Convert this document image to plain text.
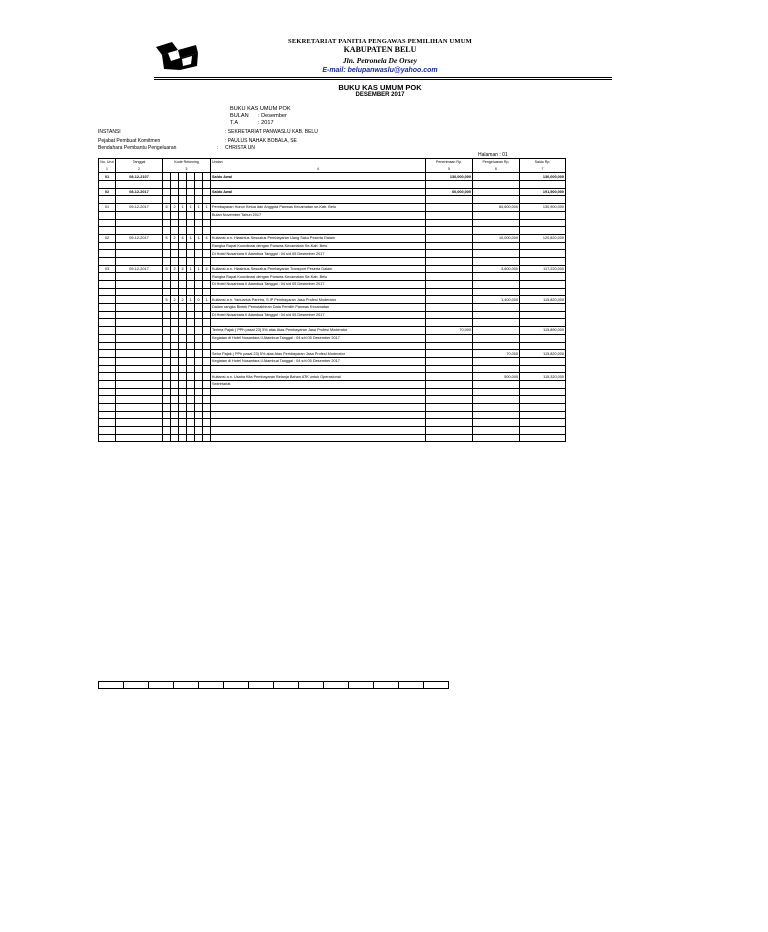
SEKRETARIAT PANITIA PENGAWAS PEMILIHAN UMUM
KABUPATEN BELU
Jln. Petronela De Orsey
E-mail: belupanwaslu@yahoo.com
BUKU KAS UMUM POK
DESEMBER 2017
BUKU KAS UMUM POK
BULAN : Desember
T.A	: 2017
INSTANSI	: SEKRETARIAT PANWASLU KAB. BELU
Pejabat Pembuat Komitmen	: PAULUS NAHAK BOBALA, SE
Bendahara Pembantu Pengeluaran	: CHRISTA UN
Halaman : 01
No. Urut	Tanggal	Kode Rekening						Uraian	Penerimaan Rp.	Pengeluaran Rp.	Saldo Rp.
1	2	3						4	5	6	7
01	08-12-2107							Saldo Awal	130,000,000		130,000,000

02	08-12-2017							Saldo Awal	60,000,000		191,500,000

01	09-12-2017	5	2	1	1	1	1	Pembayaran Honor Ketua dan Anggota Panwas Kecamatan se-Kab. Belu		60,600,000	130,900,000
								Bulan November Tahun 2017			

02	09-12-2017	5	2	4	1	1	4	Kuitansi a.n. Hiasintus Sesuatus Pembayaran Uang Saku Peserta Dalam		10,000,000	120,820,000
								Rangka Rapat Koordinasi dengan Panwas Kecamatan Se-Kab. Belu			
								Di Hotel Nusantara II Atambua Tanggal : 04 s/d 05 Desember 2017			

03	09-12-2017	5	2	4	1	1	4	Kuitansi a.n. Hiasintus Sesuatus Pembayaran Transport Peserta Dalam		3,600,000	117,220,000
								Rangka Rapat Koordinasi dengan Panwas Kecamatan Se-Kab. Belu			
								Di Hotel Nusantara II Atambua Tanggal : 04 s/d 05 Desember 2017			

		5	2	2	1	0	1	Kuitansi a.n. Yanuarius Pareira, S.IP Pembayaran Jasa Profesi Moderator		1,400,000	115,820,000
								Dalam rangka Bintek Pemutakhiran Data Pemilih Panwas Kecamatan			
								Di Hotel Nusantara II Atambua Tanggal : 04 s/d 05 Desember 2017			

								Terima Pajak ( PPh pasal 23) 5% atas Atas Pembayaran Jasa Profesi Moderator	70,000		115,890,000
								Kegiatan di Hotel Nusantara II Atambua Tanggal : 04 s/d 05 Desember 2017			

								Setor Pajak ( PPh pasal 23) 5% atas Atas Pembayaran Jasa Profesi Moderator		70,000	115,820,000
								Kegiatan di Hotel Nusantara II Atambua Tanggal : 04 s/d 05 Desember 2017			

								Kuitansi a.n. Usaha Kita Pembayaran Belanja Bahan ATK untuk Operasional		500,000	115,320,000
								Sekretariat			
